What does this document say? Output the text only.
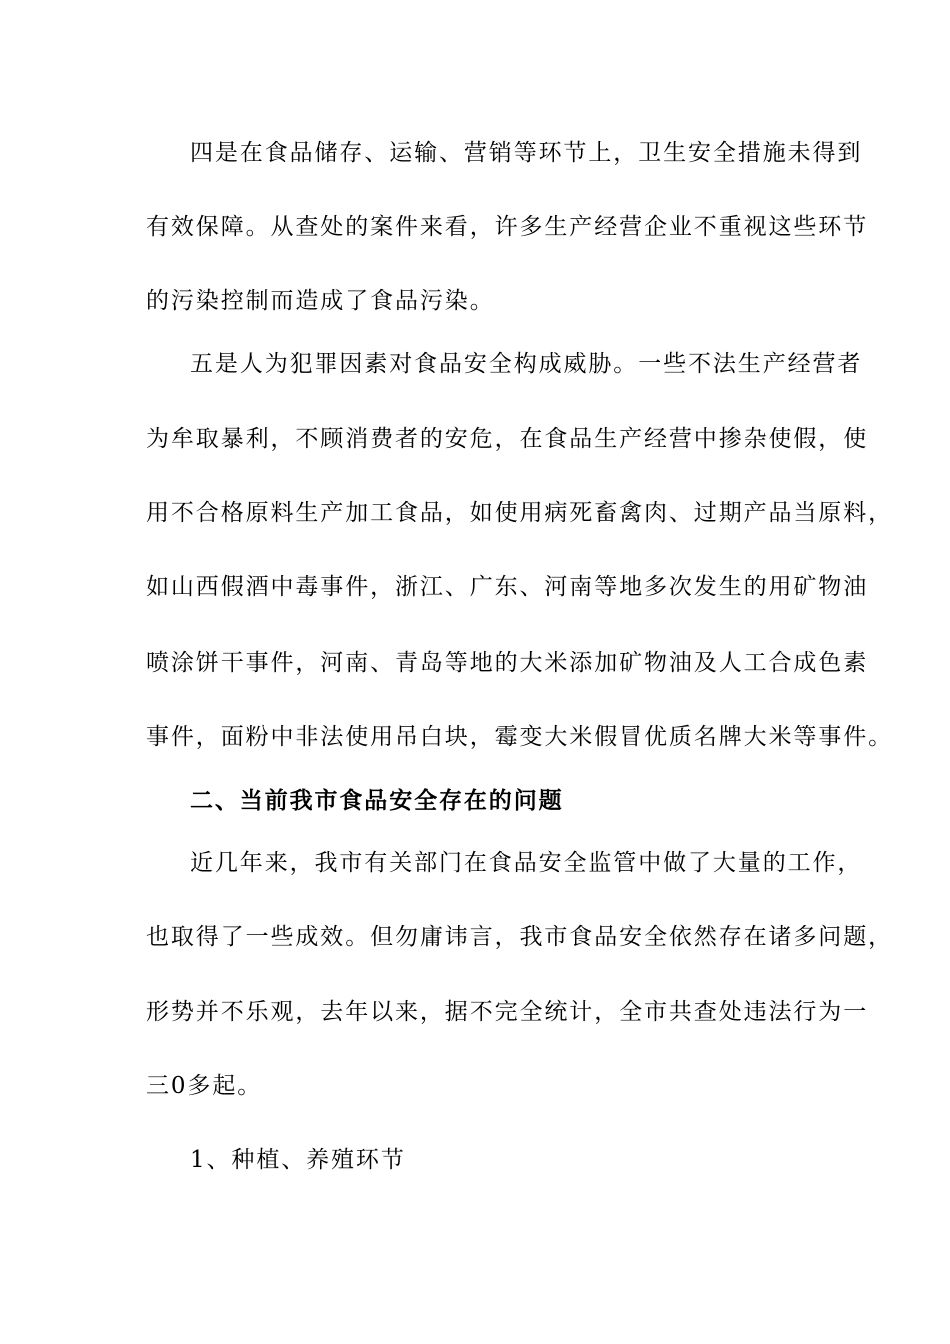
四是在食品储存、运输、营销等环节上，卫生安全措施未得到
有效保障。从查处的案件来看，许多生产经营企业不重视这些环节
的污染控制而造成了食品污染。
五是人为犯罪因素对食品安全构成威胁。一些不法生产经营者
为牟取暴利，不顾消费者的安危，在食品生产经营中掺杂使假，使
用不合格原料生产加工食品，如使用病死畜禽肉、过期产品当原料，
如山西假酒中毒事件，浙江、广东、河南等地多次发生的用矿物油
喷涂饼干事件，河南、青岛等地的大米添加矿物油及人工合成色素
事件，面粉中非法使用吊白块，霉变大米假冒优质名牌大米等事件。
二、当前我市食品安全存在的问题
近几年来，我市有关部门在食品安全监管中做了大量的工作，
也取得了一些成效。但勿庸讳言，我市食品安全依然存在诸多问题，
形势并不乐观，去年以来，据不完全统计，全市共查处违法行为一
三0多起。
1、种植、养殖环节
